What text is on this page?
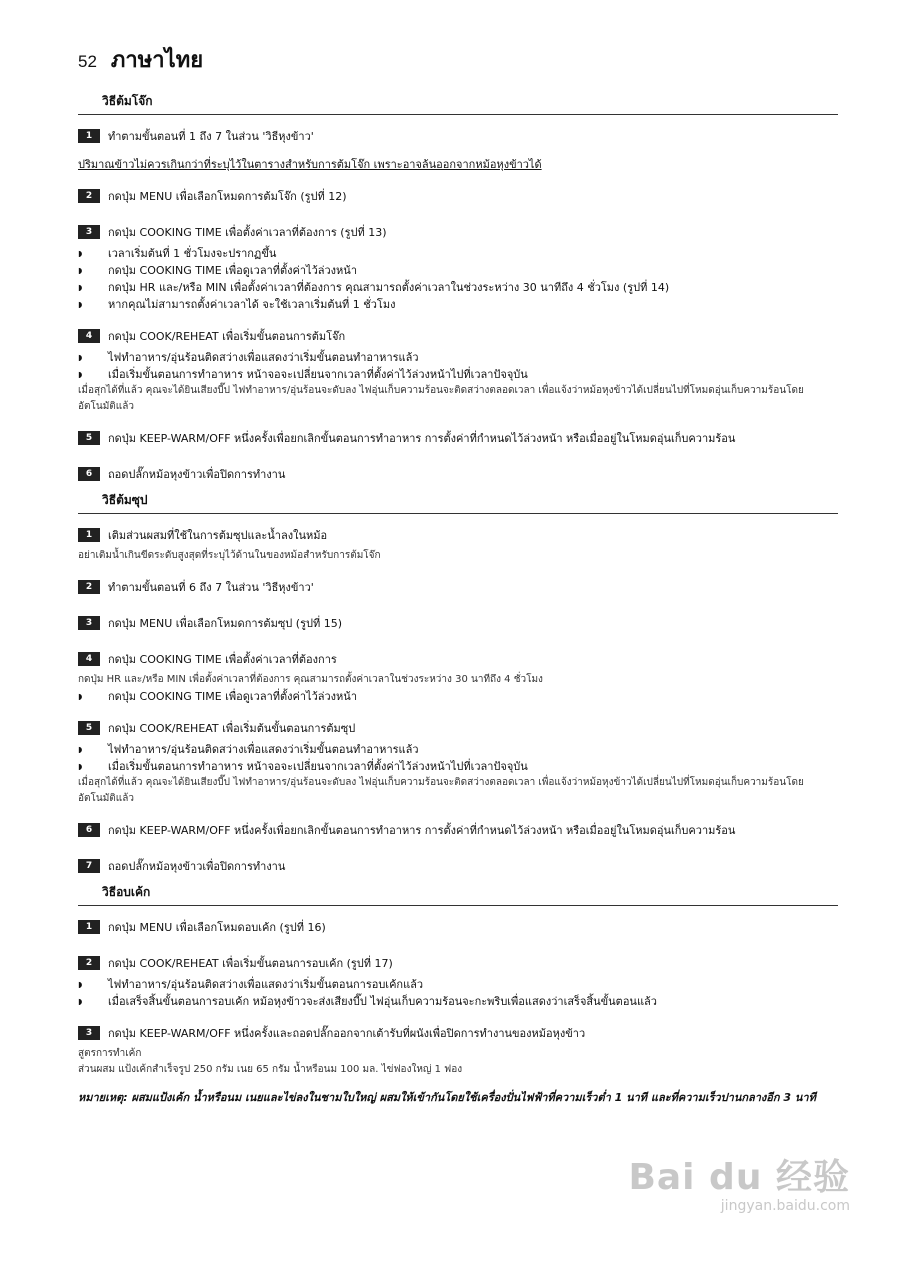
52 ภาษาไทย
วิธีต้มโจ๊ก
1	ทำตามขั้นตอนที่ 1 ถึง 7 ในส่วน 'วิธีหุงข้าว'
ปริมาณข้าวไม่ควรเกินกว่าที่ระบุไว้ในตารางสำหรับการต้มโจ๊ก เพราะอาจล้นออกจากหม้อหุงข้าวได้
2	กดปุ่ม MENU เพื่อเลือกโหมดการต้มโจ๊ก (รูปที่ 12)
3	กดปุ่ม COOKING TIME เพื่อตั้งค่าเวลาที่ต้องการ (รูปที่ 13)
◗	เวลาเริ่มต้นที่ 1 ชั่วโมงจะปรากฏขึ้น
◗	กดปุ่ม COOKING TIME เพื่อดูเวลาที่ตั้งค่าไว้ล่วงหน้า
◗	กดปุ่ม HR และ/หรือ MIN เพื่อตั้งค่าเวลาที่ต้องการ คุณสามารถตั้งค่าเวลาในช่วงระหว่าง 30 นาทีถึง 4 ชั่วโมง (รูปที่ 14)
◗	หากคุณไม่สามารถตั้งค่าเวลาได้ จะใช้เวลาเริ่มต้นที่ 1 ชั่วโมง
4	กดปุ่ม COOK/REHEAT เพื่อเริ่มขั้นตอนการต้มโจ๊ก
◗	ไฟทำอาหาร/อุ่นร้อนติดสว่างเพื่อแสดงว่าเริ่มขั้นตอนทำอาหารแล้ว
◗	เมื่อเริ่มขั้นตอนการทำอาหาร หน้าจอจะเปลี่ยนจากเวลาที่ตั้งค่าไว้ล่วงหน้าไปที่เวลาปัจจุบัน
เมื่อสุกได้ที่แล้ว คุณจะได้ยินเสียงบี๊ป ไฟทำอาหาร/อุ่นร้อนจะดับลง ไฟอุ่นเก็บความร้อนจะติดสว่างตลอดเวลา เพื่อแจ้งว่าหม้อหุงข้าวได้เปลี่ยนไปที่โหมดอุ่นเก็บความร้อนโดยอัตโนมัติแล้ว
5	กดปุ่ม KEEP-WARM/OFF หนึ่งครั้งเพื่อยกเลิกขั้นตอนการทำอาหาร การตั้งค่าที่กำหนดไว้ล่วงหน้า หรือเมื่ออยู่ในโหมดอุ่นเก็บความร้อน
6	ถอดปลั๊กหม้อหุงข้าวเพื่อปิดการทำงาน
วิธีต้มซุป
1	เติมส่วนผสมที่ใช้ในการต้มซุปและน้ำลงในหม้อ
อย่าเติมน้ำเกินขีดระดับสูงสุดที่ระบุไว้ด้านในของหม้อสำหรับการต้มโจ๊ก
2	ทำตามขั้นตอนที่ 6 ถึง 7 ในส่วน 'วิธีหุงข้าว'
3	กดปุ่ม MENU เพื่อเลือกโหมดการต้มซุป (รูปที่ 15)
4	กดปุ่ม COOKING TIME เพื่อตั้งค่าเวลาที่ต้องการ
กดปุ่ม HR และ/หรือ MIN เพื่อตั้งค่าเวลาที่ต้องการ คุณสามารถตั้งค่าเวลาในช่วงระหว่าง 30 นาทีถึง 4 ชั่วโมง
◗	กดปุ่ม COOKING TIME เพื่อดูเวลาที่ตั้งค่าไว้ล่วงหน้า
5	กดปุ่ม COOK/REHEAT เพื่อเริ่มต้นขั้นตอนการต้มซุป
◗	ไฟทำอาหาร/อุ่นร้อนติดสว่างเพื่อแสดงว่าเริ่มขั้นตอนทำอาหารแล้ว
◗	เมื่อเริ่มขั้นตอนการทำอาหาร หน้าจอจะเปลี่ยนจากเวลาที่ตั้งค่าไว้ล่วงหน้าไปที่เวลาปัจจุบัน
เมื่อสุกได้ที่แล้ว คุณจะได้ยินเสียงบี๊ป ไฟทำอาหาร/อุ่นร้อนจะดับลง ไฟอุ่นเก็บความร้อนจะติดสว่างตลอดเวลา เพื่อแจ้งว่าหม้อหุงข้าวได้เปลี่ยนไปที่โหมดอุ่นเก็บความร้อนโดยอัตโนมัติแล้ว
6	กดปุ่ม KEEP-WARM/OFF หนึ่งครั้งเพื่อยกเลิกขั้นตอนการทำอาหาร การตั้งค่าที่กำหนดไว้ล่วงหน้า หรือเมื่ออยู่ในโหมดอุ่นเก็บความร้อน
7	ถอดปลั๊กหม้อหุงข้าวเพื่อปิดการทำงาน
วิธีอบเค้ก
1	กดปุ่ม MENU เพื่อเลือกโหมดอบเค้ก (รูปที่ 16)
2	กดปุ่ม COOK/REHEAT เพื่อเริ่มขั้นตอนการอบเค้ก (รูปที่ 17)
◗	ไฟทำอาหาร/อุ่นร้อนติดสว่างเพื่อแสดงว่าเริ่มขั้นตอนการอบเค้กแล้ว
◗	เมื่อเสร็จสิ้นขั้นตอนการอบเค้ก หม้อหุงข้าวจะส่งเสียงบี๊ป ไฟอุ่นเก็บความร้อนจะกะพริบเพื่อแสดงว่าเสร็จสิ้นขั้นตอนแล้ว
3	กดปุ่ม KEEP-WARM/OFF หนึ่งครั้งและถอดปลั๊กออกจากเต้ารับที่ผนังเพื่อปิดการทำงานของหม้อหุงข้าว
สูตรการทำเค้ก
ส่วนผสม แป้งเค้กสำเร็จรูป 250 กรัม เนย 65 กรัม น้ำหรือนม 100 มล. ไข่ฟองใหญ่ 1 ฟอง
หมายเหตุ: ผสมแป้งเค้ก น้ำหรือนม เนยและไข่ลงในชามใบใหญ่ ผสมให้เข้ากันโดยใช้เครื่องปั่นไฟฟ้าที่ความเร็วต่ำ 1 นาที และที่ความเร็วปานกลางอีก 3 นาที
Bai du 经验
jingyan.baidu.com
